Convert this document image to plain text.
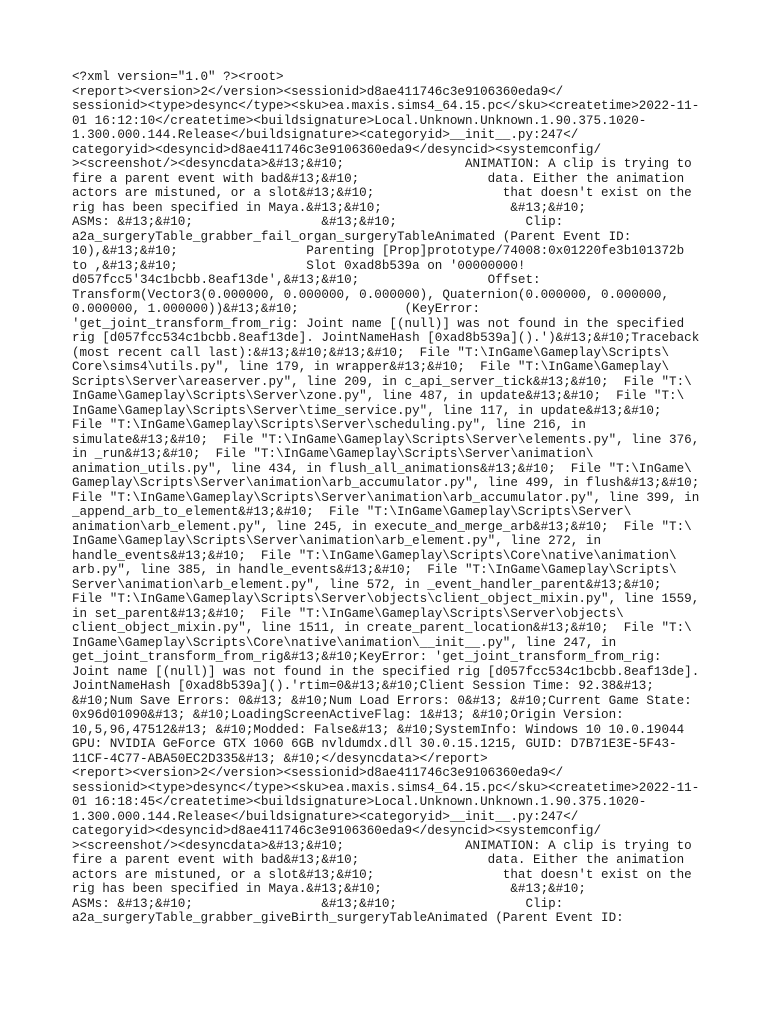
<?xml version="1.0" ?><root>
<report><version>2</version><sessionid>d8ae411746c3e9106360eda9</
sessionid><type>desync</type><sku>ea.maxis.sims4_64.15.pc</sku><createtime>2022-11-
01 16:12:10</createtime><buildsignature>Local.Unknown.Unknown.1.90.375.1020-
1.300.000.144.Release</buildsignature><categoryid>__init__.py:247</
categoryid><desyncid>d8ae411746c3e9106360eda9</desyncid><systemconfig/
><screenshot/><desyncdata>&#13;&#10;                ANIMATION: A clip is trying to
fire a parent event with bad&#13;&#10;                 data. Either the animation
actors are mistuned, or a slot&#13;&#10;                 that doesn't exist on the
rig has been specified in Maya.&#13;&#10;                 &#13;&#10;
ASMs: &#13;&#10;                 &#13;&#10;                 Clip:
a2a_surgeryTable_grabber_fail_organ_surgeryTableAnimated (Parent Event ID:
10),&#13;&#10;                 Parenting [Prop]prototype/74008:0x01220fe3b101372b
to ,&#13;&#10;                 Slot 0xad8b539a on '00000000!
d057fcc5'34c1bcbb.8eaf13de',&#13;&#10;                 Offset:
Transform(Vector3(0.000000, 0.000000, 0.000000), Quaternion(0.000000, 0.000000,
0.000000, 1.000000))&#13;&#10;              (KeyError:
'get_joint_transform_from_rig: Joint name [(null)] was not found in the specified
rig [d057fcc534c1bcbb.8eaf13de]. JointNameHash [0xad8b539a]().')&#13;&#10;Traceback
(most recent call last):&#13;&#10;&#13;&#10;  File "T:\InGame\Gameplay\Scripts\
Core\sims4\utils.py", line 179, in wrapper&#13;&#10;  File "T:\InGame\Gameplay\
Scripts\Server\areaserver.py", line 209, in c_api_server_tick&#13;&#10;  File "T:\
InGame\Gameplay\Scripts\Server\zone.py", line 487, in update&#13;&#10;  File "T:\
InGame\Gameplay\Scripts\Server\time_service.py", line 117, in update&#13;&#10;
File "T:\InGame\Gameplay\Scripts\Server\scheduling.py", line 216, in
simulate&#13;&#10;  File "T:\InGame\Gameplay\Scripts\Server\elements.py", line 376,
in _run&#13;&#10;  File "T:\InGame\Gameplay\Scripts\Server\animation\
animation_utils.py", line 434, in flush_all_animations&#13;&#10;  File "T:\InGame\
Gameplay\Scripts\Server\animation\arb_accumulator.py", line 499, in flush&#13;&#10;
File "T:\InGame\Gameplay\Scripts\Server\animation\arb_accumulator.py", line 399, in
_append_arb_to_element&#13;&#10;  File "T:\InGame\Gameplay\Scripts\Server\
animation\arb_element.py", line 245, in execute_and_merge_arb&#13;&#10;  File "T:\
InGame\Gameplay\Scripts\Server\animation\arb_element.py", line 272, in
handle_events&#13;&#10;  File "T:\InGame\Gameplay\Scripts\Core\native\animation\
arb.py", line 385, in handle_events&#13;&#10;  File "T:\InGame\Gameplay\Scripts\
Server\animation\arb_element.py", line 572, in _event_handler_parent&#13;&#10;
File "T:\InGame\Gameplay\Scripts\Server\objects\client_object_mixin.py", line 1559,
in set_parent&#13;&#10;  File "T:\InGame\Gameplay\Scripts\Server\objects\
client_object_mixin.py", line 1511, in create_parent_location&#13;&#10;  File "T:\
InGame\Gameplay\Scripts\Core\native\animation\__init__.py", line 247, in
get_joint_transform_from_rig&#13;&#10;KeyError: 'get_joint_transform_from_rig:
Joint name [(null)] was not found in the specified rig [d057fcc534c1bcbb.8eaf13de].
JointNameHash [0xad8b539a]().'rtim=0&#13;&#10;Client Session Time: 92.38&#13;
&#10;Num Save Errors: 0&#13; &#10;Num Load Errors: 0&#13; &#10;Current Game State:
0x96d01090&#13; &#10;LoadingScreenActiveFlag: 1&#13; &#10;Origin Version:
10,5,96,47512&#13; &#10;Modded: False&#13; &#10;SystemInfo: Windows 10 10.0.19044
GPU: NVIDIA GeForce GTX 1060 6GB nvldumdx.dll 30.0.15.1215, GUID: D7B71E3E-5F43-
11CF-4C77-ABA50EC2D335&#13; &#10;</desyncdata></report>
<report><version>2</version><sessionid>d8ae411746c3e9106360eda9</
sessionid><type>desync</type><sku>ea.maxis.sims4_64.15.pc</sku><createtime>2022-11-
01 16:18:45</createtime><buildsignature>Local.Unknown.Unknown.1.90.375.1020-
1.300.000.144.Release</buildsignature><categoryid>__init__.py:247</
categoryid><desyncid>d8ae411746c3e9106360eda9</desyncid><systemconfig/
><screenshot/><desyncdata>&#13;&#10;                ANIMATION: A clip is trying to
fire a parent event with bad&#13;&#10;                 data. Either the animation
actors are mistuned, or a slot&#13;&#10;                 that doesn't exist on the
rig has been specified in Maya.&#13;&#10;                 &#13;&#10;
ASMs: &#13;&#10;                 &#13;&#10;                 Clip:
a2a_surgeryTable_grabber_giveBirth_surgeryTableAnimated (Parent Event ID:
